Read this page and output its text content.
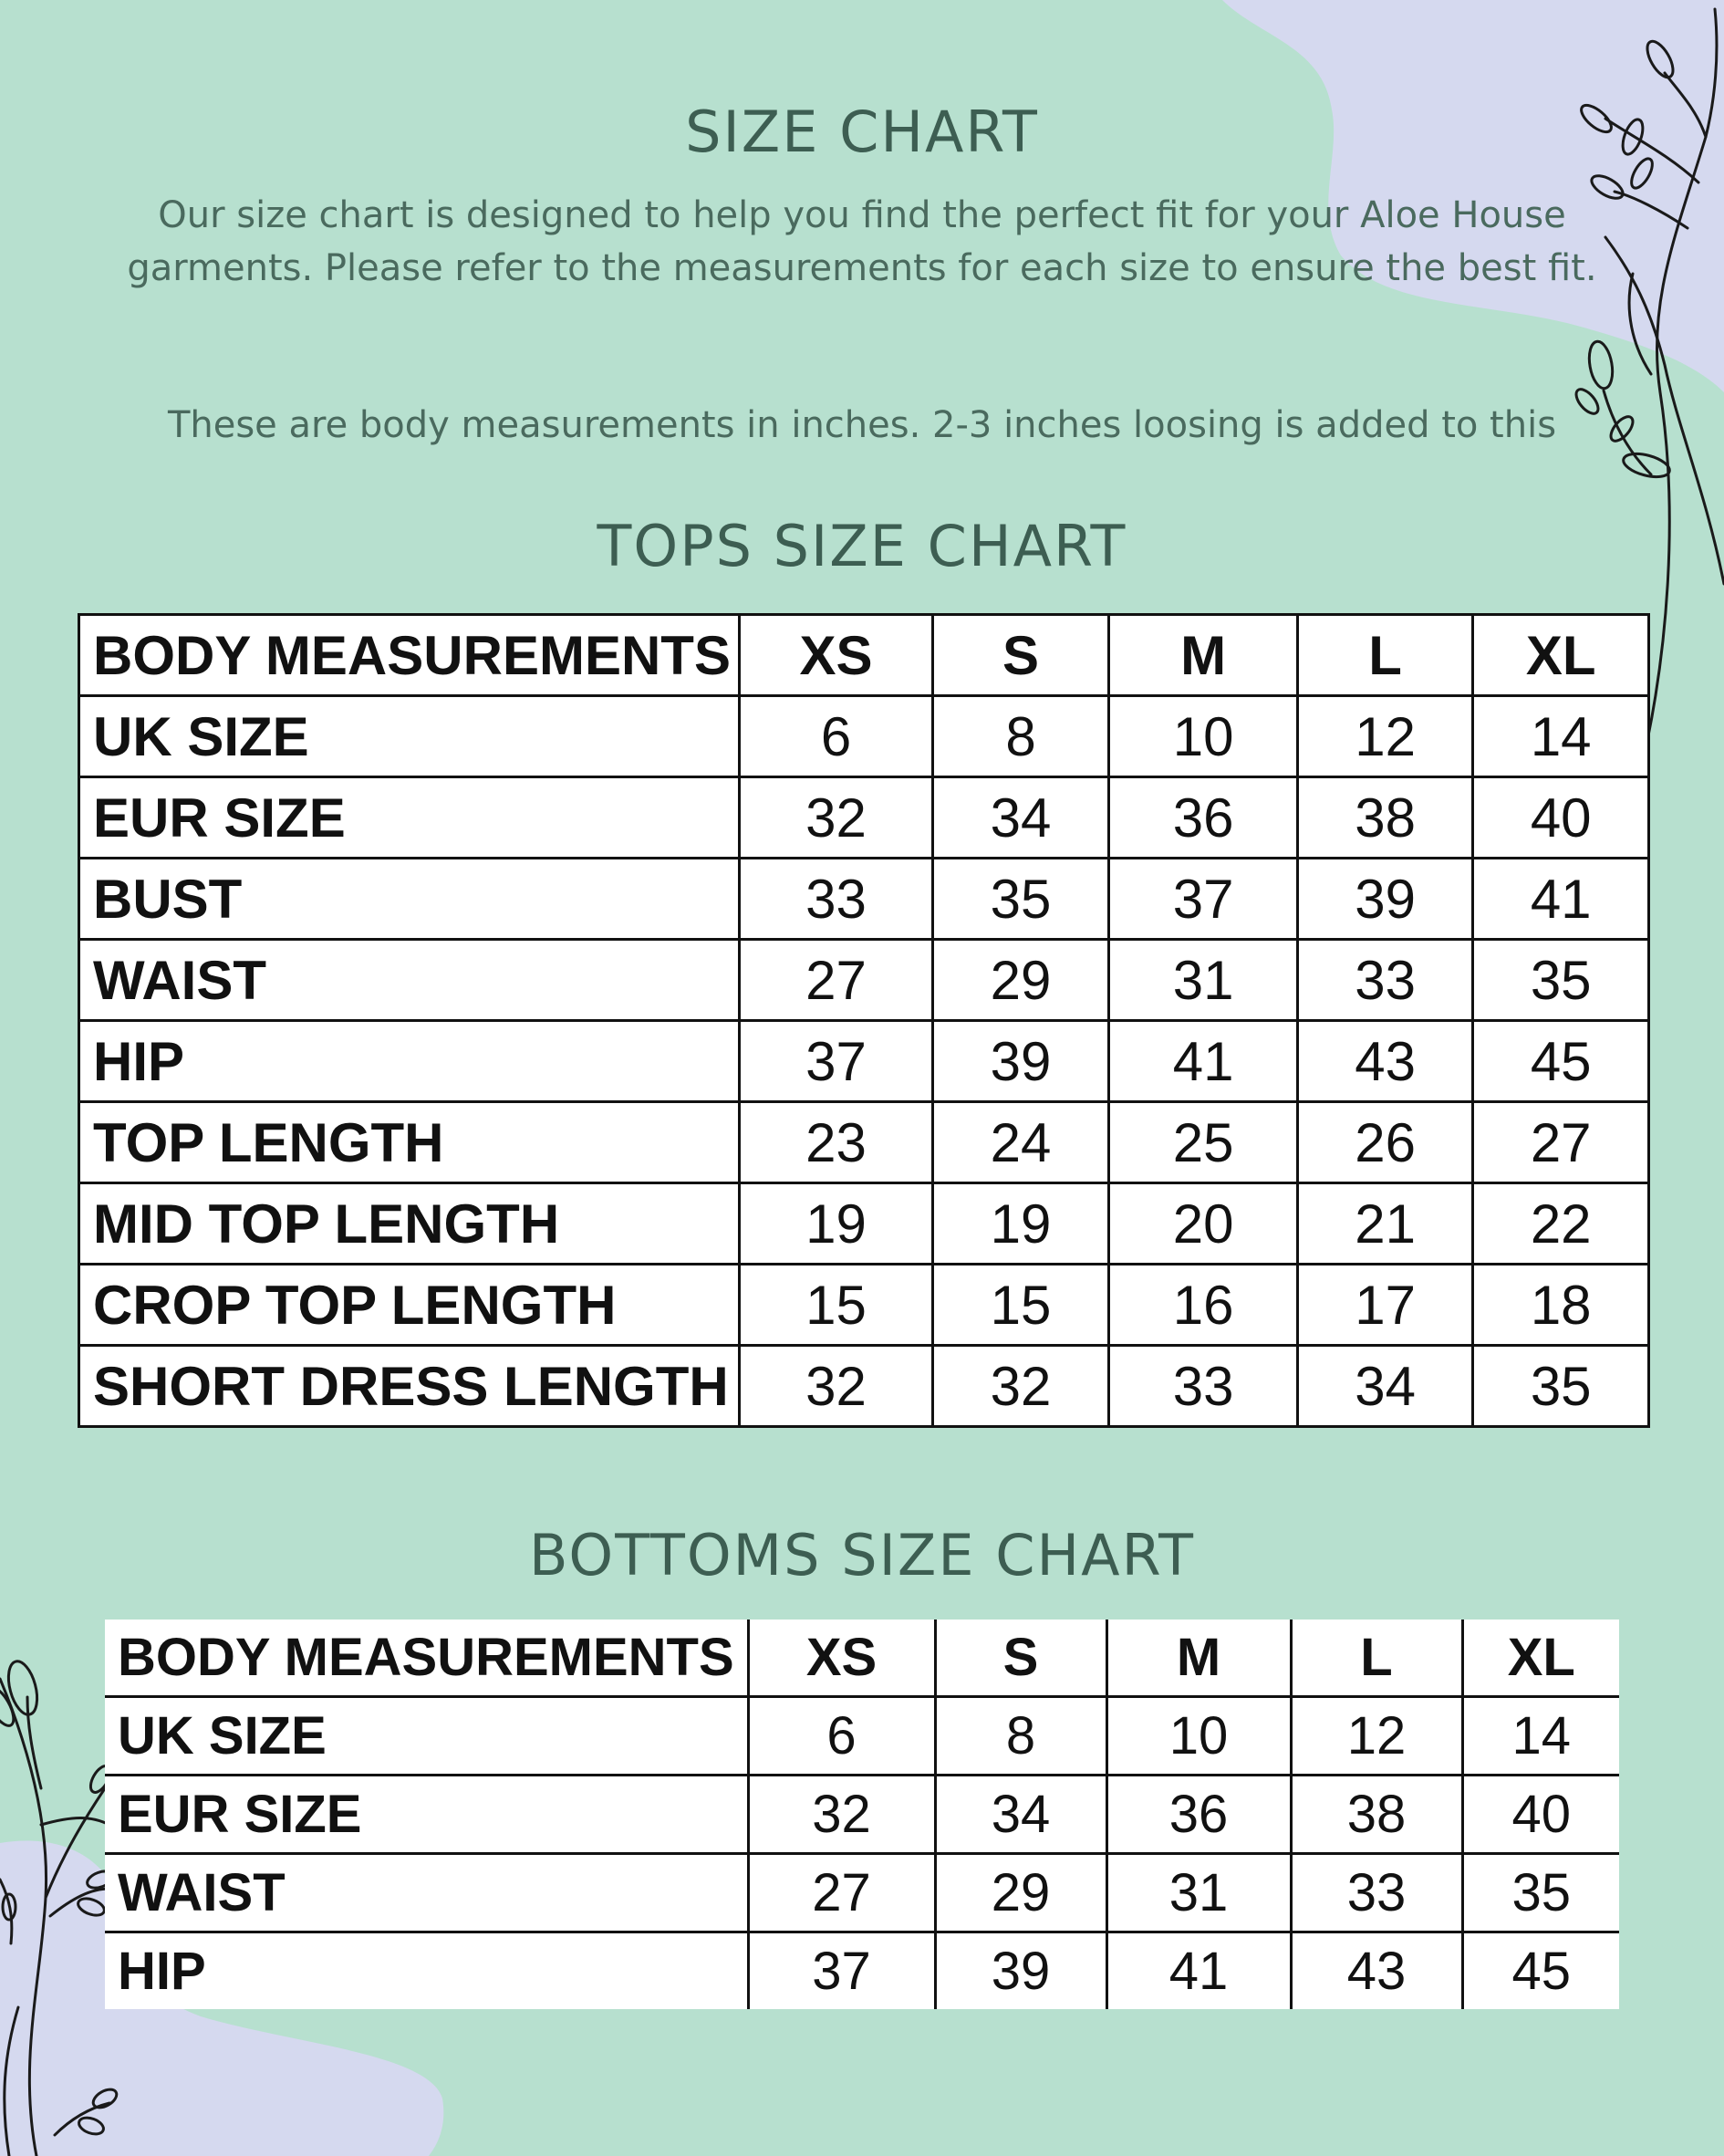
SIZE CHART

Our size chart is designed to help you find the perfect fit for your Aloe House garments. Please refer to the measurements for each size to ensure the best fit.

These are body measurements in inches. 2-3 inches loosing is added to this

TOPS SIZE CHART
BODY MEASUREMENTS	XS	S	M	L	XL
UK SIZE	6	8	10	12	14
EUR SIZE	32	34	36	38	40
BUST	33	35	37	39	41
WAIST	27	29	31	33	35
HIP	37	39	41	43	45
TOP LENGTH	23	24	25	26	27
MID TOP LENGTH	19	19	20	21	22
CROP TOP LENGTH	15	15	16	17	18
SHORT DRESS LENGTH	32	32	33	34	35
BOTTOMS SIZE CHART
BODY MEASUREMENTS	XS	S	M	L	XL
UK SIZE	6	8	10	12	14
EUR SIZE	32	34	36	38	40
WAIST	27	29	31	33	35
HIP	37	39	41	43	45
